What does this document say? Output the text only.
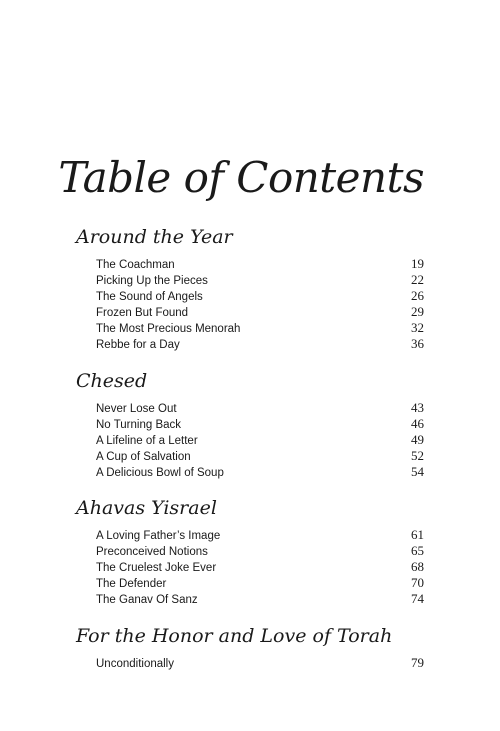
Table of Contents
Around the Year
The Coachman	19
Picking Up the Pieces	22
The Sound of Angels	26
Frozen But Found	29
The Most Precious Menorah	32
Rebbe for a Day	36
Chesed
Never Lose Out	43
No Turning Back	46
A Lifeline of a Letter	49
A Cup of Salvation	52
A Delicious Bowl of Soup	54
Ahavas Yisrael
A Loving Father’s Image	61
Preconceived Notions	65
The Cruelest Joke Ever	68
The Defender	70
The Ganav Of Sanz	74
For the Honor and Love of Torah
Unconditionally	79
